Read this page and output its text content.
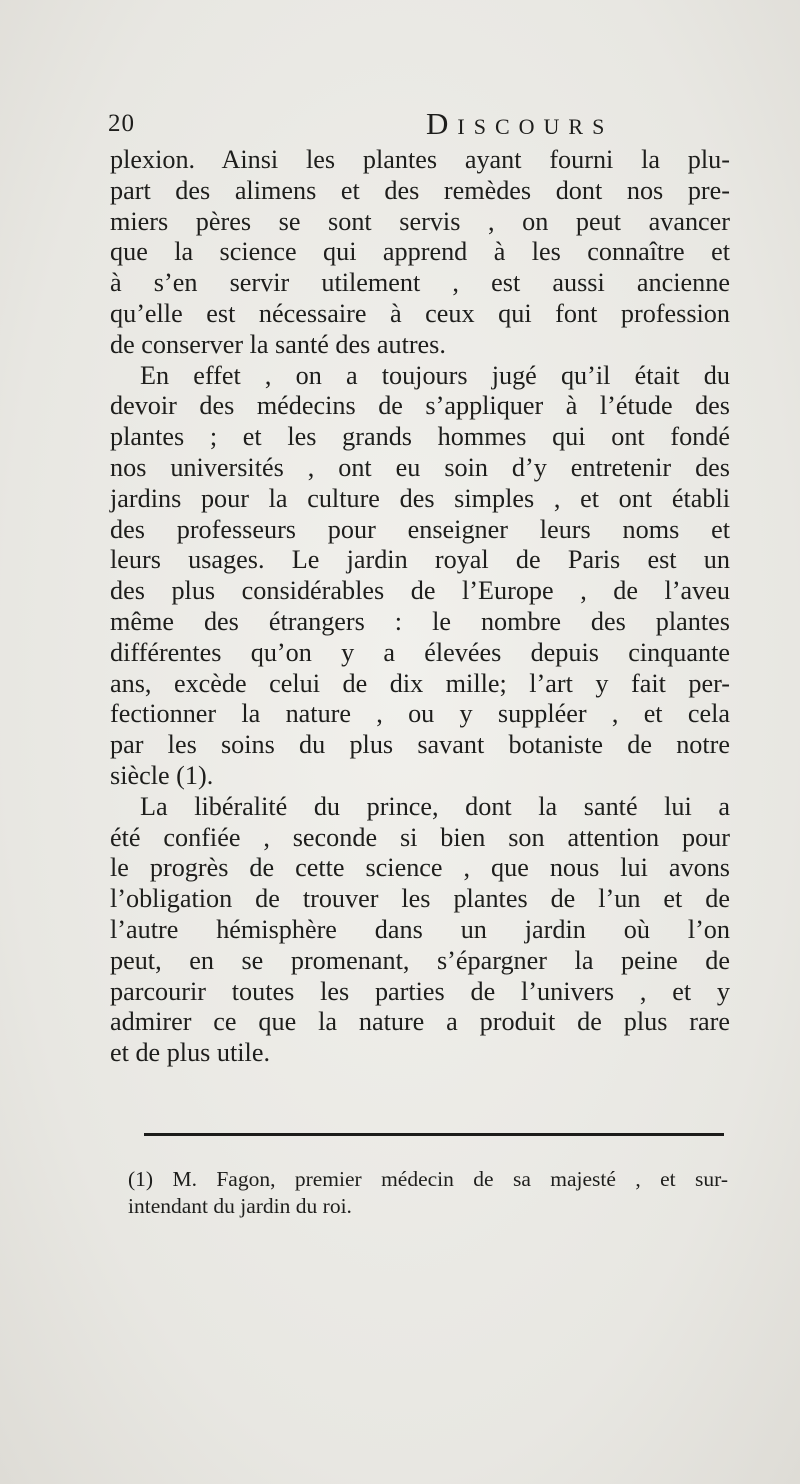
20	Discours
plexion. Ainsi les plantes ayant fourni la plu-
part des alimens et des remèdes dont nos pre-
miers pères se sont servis , on peut avancer
que la science qui apprend à les connaître et
à s’en servir utilement , est aussi ancienne
qu’elle est nécessaire à ceux qui font profession
de conserver la santé des autres.
En effet , on a toujours jugé qu’il était du
devoir des médecins de s’appliquer à l’étude des
plantes ; et les grands hommes qui ont fondé
nos universités , ont eu soin d’y entretenir des
jardins pour la culture des simples , et ont établi
des professeurs pour enseigner leurs noms et
leurs usages. Le jardin royal de Paris est un
des plus considérables de l’Europe , de l’aveu
même des étrangers : le nombre des plantes
différentes qu’on y a élevées depuis cinquante
ans, excède celui de dix mille; l’art y fait per-
fectionner la nature , ou y suppléer , et cela
par les soins du plus savant botaniste de notre
siècle (1).
La libéralité du prince, dont la santé lui a
été confiée , seconde si bien son attention pour
le progrès de cette science , que nous lui avons
l’obligation de trouver les plantes de l’un et de
l’autre hémisphère dans un jardin où l’on
peut, en se promenant, s’épargner la peine de
parcourir toutes les parties de l’univers , et y
admirer ce que la nature a produit de plus rare
et de plus utile.
(1) M. Fagon, premier médecin de sa majesté , et sur-
intendant du jardin du roi.
